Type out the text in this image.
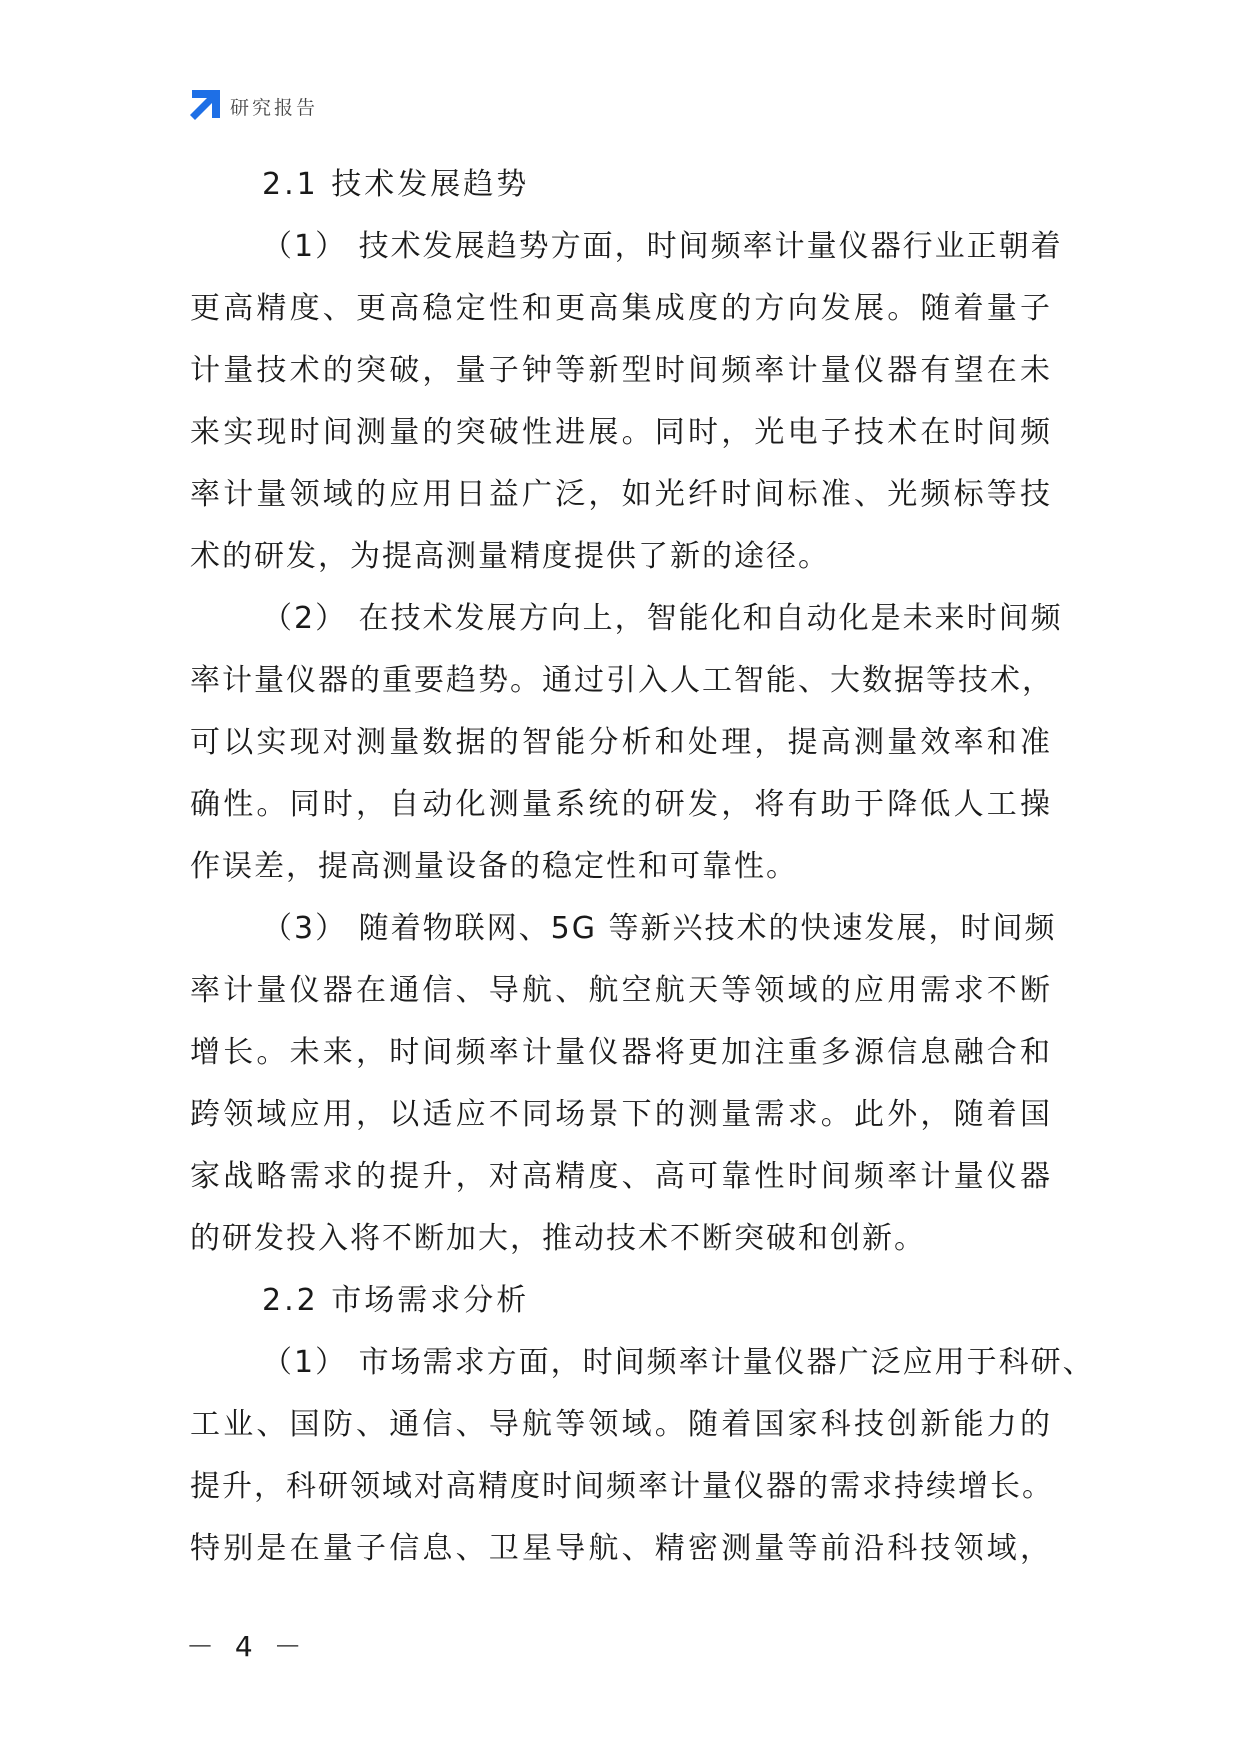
研究报告
2.1 技术发展趋势
（1） 技术发展趋势方面，时间频率计量仪器行业正朝着
更高精度、更高稳定性和更高集成度的方向发展。随着量子
计量技术的突破，量子钟等新型时间频率计量仪器有望在未
来实现时间测量的突破性进展。同时，光电子技术在时间频
率计量领域的应用日益广泛，如光纤时间标准、光频标等技
术的研发，为提高测量精度提供了新的途径。
（2） 在技术发展方向上，智能化和自动化是未来时间频
率计量仪器的重要趋势。通过引入人工智能、大数据等技术，
可以实现对测量数据的智能分析和处理，提高测量效率和准
确性。同时，自动化测量系统的研发，将有助于降低人工操
作误差，提高测量设备的稳定性和可靠性。
（3） 随着物联网、5G 等新兴技术的快速发展，时间频
率计量仪器在通信、导航、航空航天等领域的应用需求不断
增长。未来，时间频率计量仪器将更加注重多源信息融合和
跨领域应用，以适应不同场景下的测量需求。此外，随着国
家战略需求的提升，对高精度、高可靠性时间频率计量仪器
的研发投入将不断加大，推动技术不断突破和创新。
2.2 市场需求分析
（1） 市场需求方面，时间频率计量仪器广泛应用于科研、
工业、国防、通信、导航等领域。随着国家科技创新能力的
提升，科研领域对高精度时间频率计量仪器的需求持续增长。
特别是在量子信息、卫星导航、精密测量等前沿科技领域，
－ 4 －
